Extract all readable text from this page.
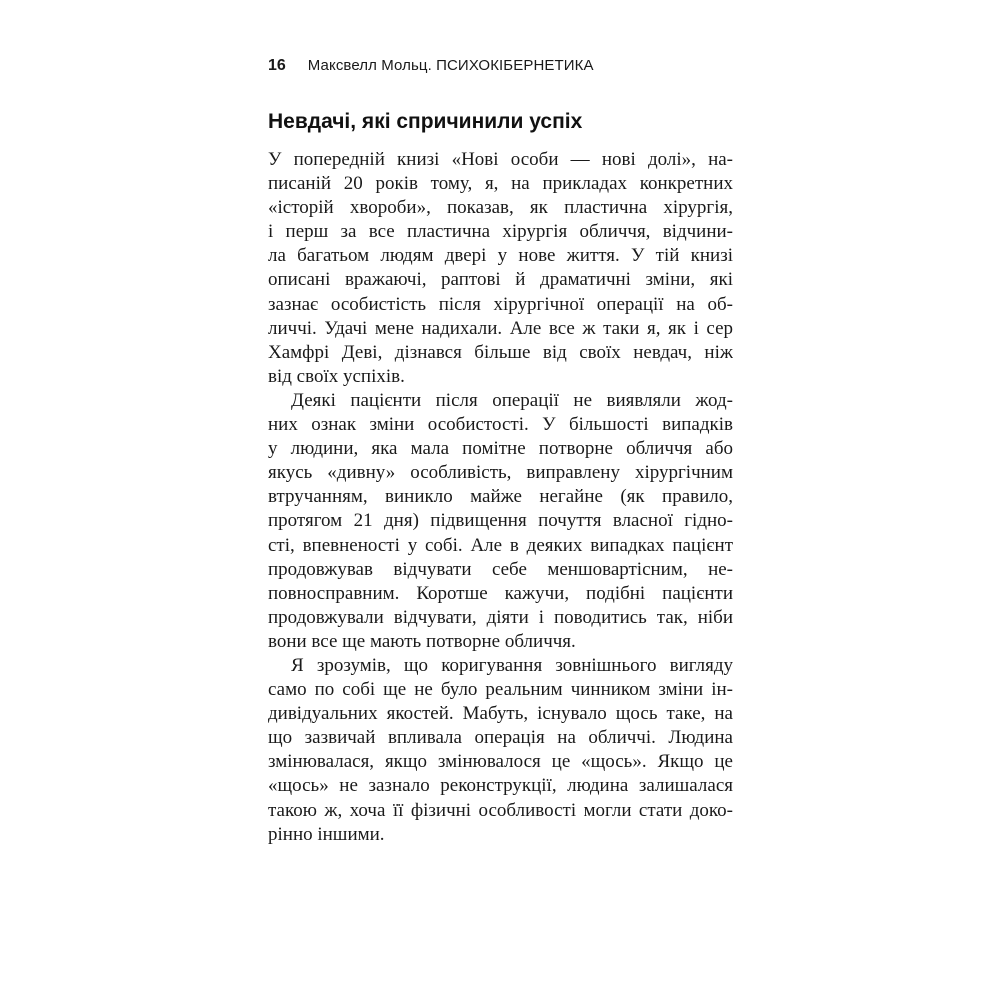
16 Максвелл Мольц. ПСИХОКІБЕРНЕТИКА
Невдачі, які спричинили успіх
У попередній книзі «Нові особи — нові долі», на-
писаній 20 років тому, я, на прикладах конкретних
«історій хвороби», показав, як пластична хірургія,
і перш за все пластична хірургія обличчя, відчини-
ла багатьом людям двері у нове життя. У тій книзі
описані вражаючі, раптові й драматичні зміни, які
зазнає особистість після хірургічної операції на об-
личчі. Удачі мене надихали. Але все ж таки я, як і сер
Хамфрі Деві, дізнався більше від своїх невдач, ніж
від своїх успіхів.
Деякі пацієнти після операції не виявляли жод-
них ознак зміни особистості. У більшості випадків
у людини, яка мала помітне потворне обличчя або
якусь «дивну» особливість, виправлену хірургічним
втручанням, виникло майже негайне (як правило,
протягом 21 дня) підвищення почуття власної гідно-
сті, впевненості у собі. Але в деяких випадках пацієнт
продовжував відчувати себе меншовартісним, не-
повносправним. Коротше кажучи, подібні пацієнти
продовжували відчувати, діяти і поводитись так, ніби
вони все ще мають потворне обличчя.
Я зрозумів, що коригування зовнішнього вигляду
само по собі ще не було реальним чинником зміни ін-
дивідуальних якостей. Мабуть, існувало щось таке, на
що зазвичай впливала операція на обличчі. Людина
змінювалася, якщо змінювалося це «щось». Якщо це
«щось» не зазнало реконструкції, людина залишалася
такою ж, хоча її фізичні особливості могли стати доко-
рінно іншими.
